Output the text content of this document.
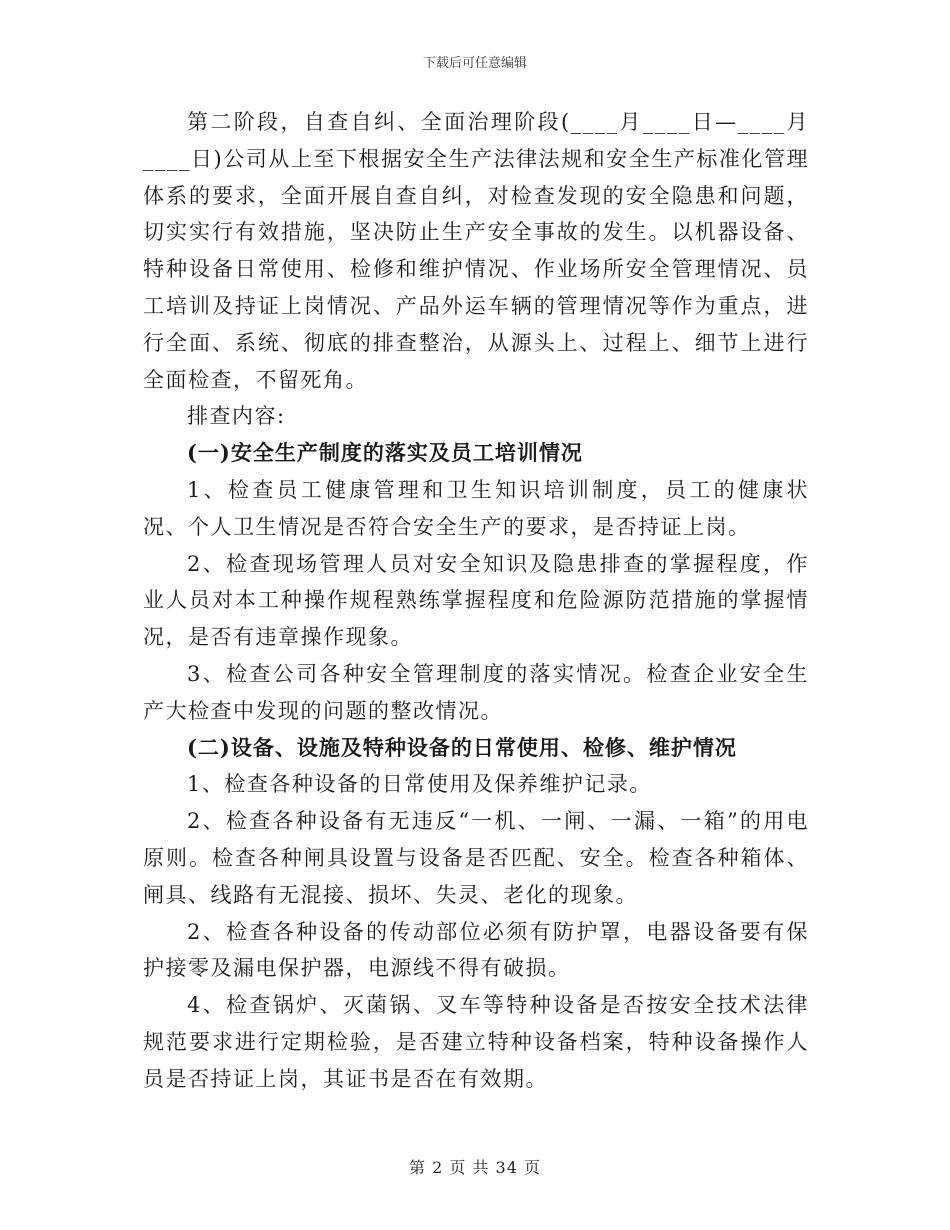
下载后可任意编辑

第二阶段，自查自纠、全面治理阶段(____月____日—____月____日)公司从上至下根据安全生产法律法规和安全生产标准化管理体系的要求，全面开展自查自纠，对检查发现的安全隐患和问题，切实实行有效措施，坚决防止生产安全事故的发生。以机器设备、特种设备日常使用、检修和维护情况、作业场所安全管理情况、员工培训及持证上岗情况、产品外运车辆的管理情况等作为重点，进行全面、系统、彻底的排查整治，从源头上、过程上、细节上进行全面检查，不留死角。

排查内容:

(一)安全生产制度的落实及员工培训情况

1、检查员工健康管理和卫生知识培训制度，员工的健康状况、个人卫生情况是否符合安全生产的要求，是否持证上岗。

2、检查现场管理人员对安全知识及隐患排查的掌握程度，作业人员对本工种操作规程熟练掌握程度和危险源防范措施的掌握情况，是否有违章操作现象。

3、检查公司各种安全管理制度的落实情况。检查企业安全生产大检查中发现的问题的整改情况。

(二)设备、设施及特种设备的日常使用、检修、维护情况

1、检查各种设备的日常使用及保养维护记录。

2、检查各种设备有无违反“一机、一闸、一漏、一箱”的用电原则。检查各种闸具设置与设备是否匹配、安全。检查各种箱体、闸具、线路有无混接、损坏、失灵、老化的现象。

2、检查各种设备的传动部位必须有防护罩，电器设备要有保护接零及漏电保护器，电源线不得有破损。

4、检查锅炉、灭菌锅、叉车等特种设备是否按安全技术法律规范要求进行定期检验，是否建立特种设备档案，特种设备操作人员是否持证上岗，其证书是否在有效期。

第 2 页 共 34 页
